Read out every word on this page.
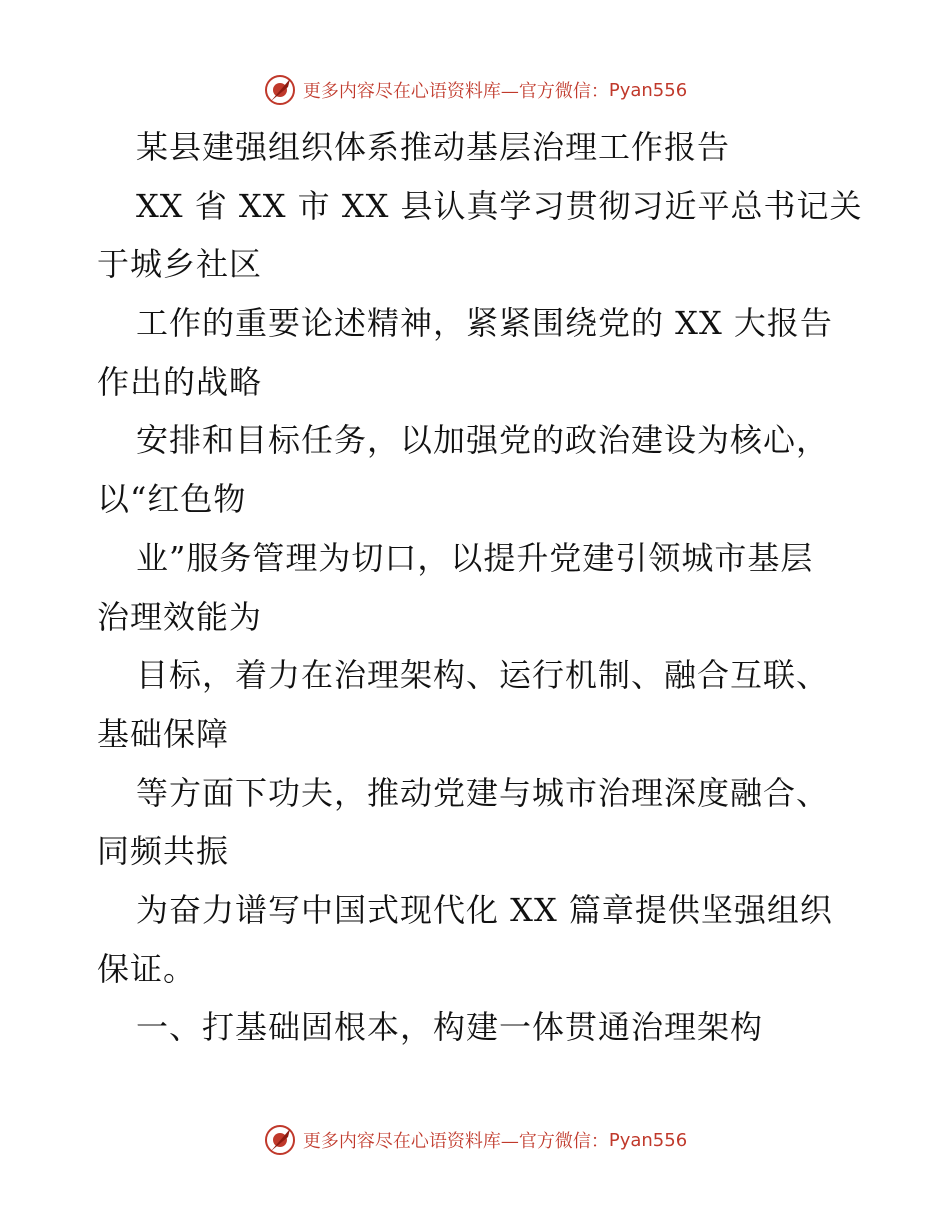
更多内容尽在心语资料库—官方微信： Pyan556
某县建强组织体系推动基层治理工作报告
XX 省 XX 市 XX 县认真学习贯彻习近平总书记关
于城乡社区
工作的重要论述精神，紧紧围绕党的 XX 大报告
作出的战略
安排和目标任务，以加强党的政治建设为核心，
以“红色物
业”服务管理为切口，以提升党建引领城市基层
治理效能为
目标，着力在治理架构、运行机制、融合互联、
基础保障
等方面下功夫，推动党建与城市治理深度融合、
同频共振
为奋力谱写中国式现代化 XX 篇章提供坚强组织
保证。
一、打基础固根本，构建一体贯通治理架构
更多内容尽在心语资料库—官方微信： Pyan556
